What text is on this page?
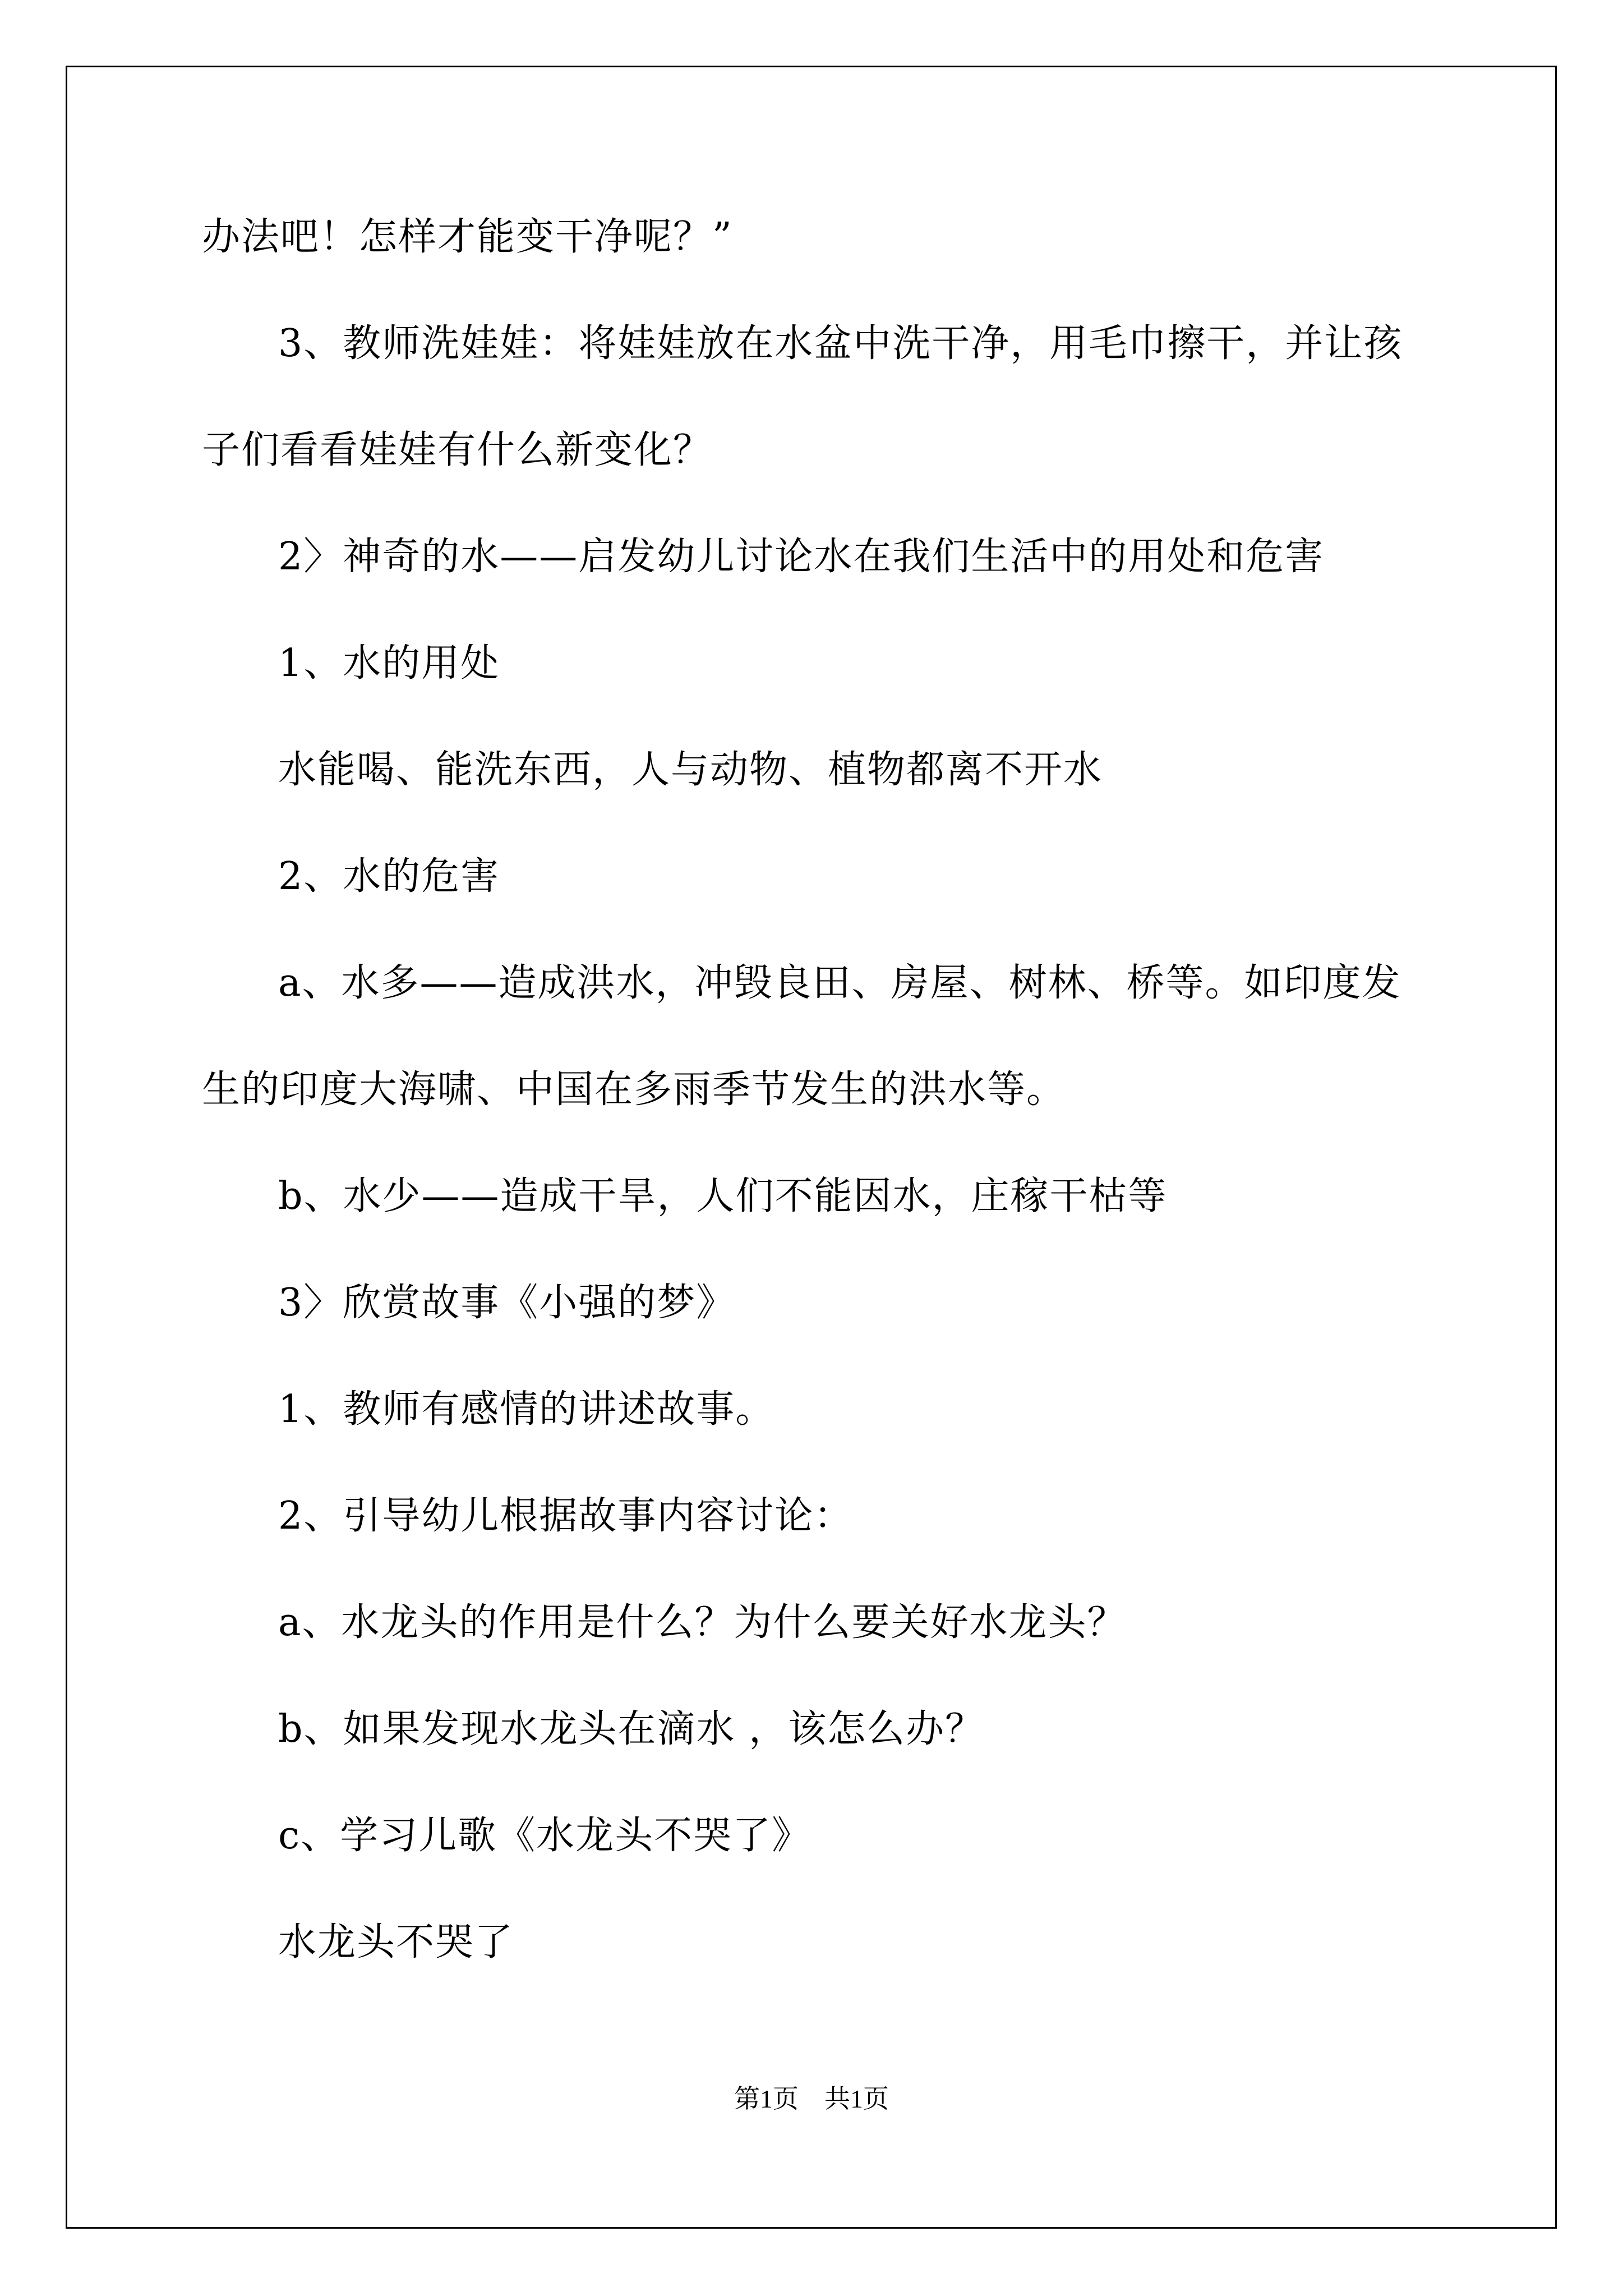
办法吧！怎样才能变干净呢？”
3、教师洗娃娃：将娃娃放在水盆中洗干净，用毛巾擦干，并让孩
子们看看娃娃有什么新变化？
2〉神奇的水——启发幼儿讨论水在我们生活中的用处和危害
1、水的用处
水能喝、能洗东西，人与动物、植物都离不开水
2、水的危害
a、水多——造成洪水，冲毁良田、房屋、树林、桥等。如印度发
生的印度大海啸、中国在多雨季节发生的洪水等。
b、水少——造成干旱，人们不能因水，庄稼干枯等
3〉欣赏故事《小强的梦》
1、教师有感情的讲述故事。
2、引导幼儿根据故事内容讨论：
a、水龙头的作用是什么？为什么要关好水龙头？
b、如果发现水龙头在滴水 ，该怎么办？
c、学习儿歌《水龙头不哭了》
水龙头不哭了
第1页　共1页
